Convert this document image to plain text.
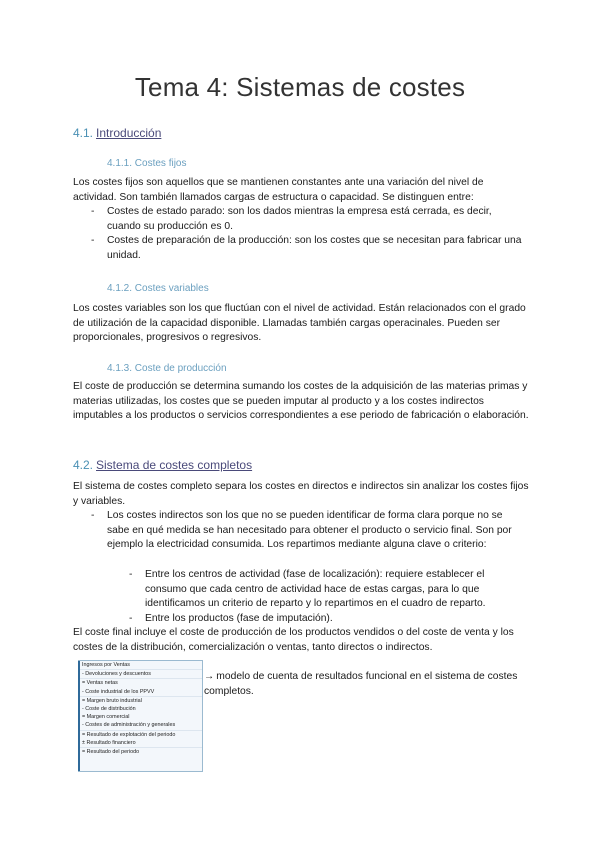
Tema 4: Sistemas de costes
4.1. Introducción
4.1.1. Costes fijos
Los costes fijos son aquellos que se mantienen constantes ante una variación del nivel de actividad. Son también llamados cargas de estructura o capacidad. Se distinguen entre:
- Costes de estado parado: son los dados mientras la empresa está cerrada, es decir, cuando su producción es 0.
- Costes de preparación de la producción: son los costes que se necesitan para fabricar una unidad.
4.1.2. Costes variables
Los costes variables son los que fluctúan con el nivel de actividad. Están relacionados con el grado de utilización de la capacidad disponible. Llamadas también cargas operacinales. Pueden ser proporcionales, progresivos o regresivos.
4.1.3. Coste de producción
El coste de producción se determina sumando los costes de la adquisición de las materias primas y materias utilizadas, los costes que se pueden imputar al producto y a los costes indirectos imputables a los productos o servicios correspondientes a ese periodo de fabricación o elaboración.
4.2. Sistema de costes completos
El sistema de costes completo separa los costes en directos e indirectos sin analizar los costes fijos y variables.
- Los costes indirectos son los que no se pueden identificar de forma clara porque no se sabe en qué medida se han necesitado para obtener el producto o servicio final. Son por ejemplo la electricidad consumida. Los repartimos mediante alguna clave o criterio:
- Entre los centros de actividad (fase de localización): requiere establecer el consumo que cada centro de actividad hace de estas cargas, para lo que identificamos un criterio de reparto y lo repartimos en el cuadro de reparto.
- Entre los productos (fase de imputación).
El coste final incluye el coste de producción de los productos vendidos o del coste de venta y los costes de la distribución, comercialización o ventas, tanto directos o indirectos.
Ingresos por Ventas
- Devoluciones y descuentos
= Ventas netas
- Coste industrial de los PPVV
= Margen bruto industrial
- Coste de distribución
= Margen comercial
- Costes de administración y generales
= Resultado de explotación del periodo
± Resultado financiero
= Resultado del periodo
→ modelo de cuenta de resultados funcional en el sistema de costes completos.
